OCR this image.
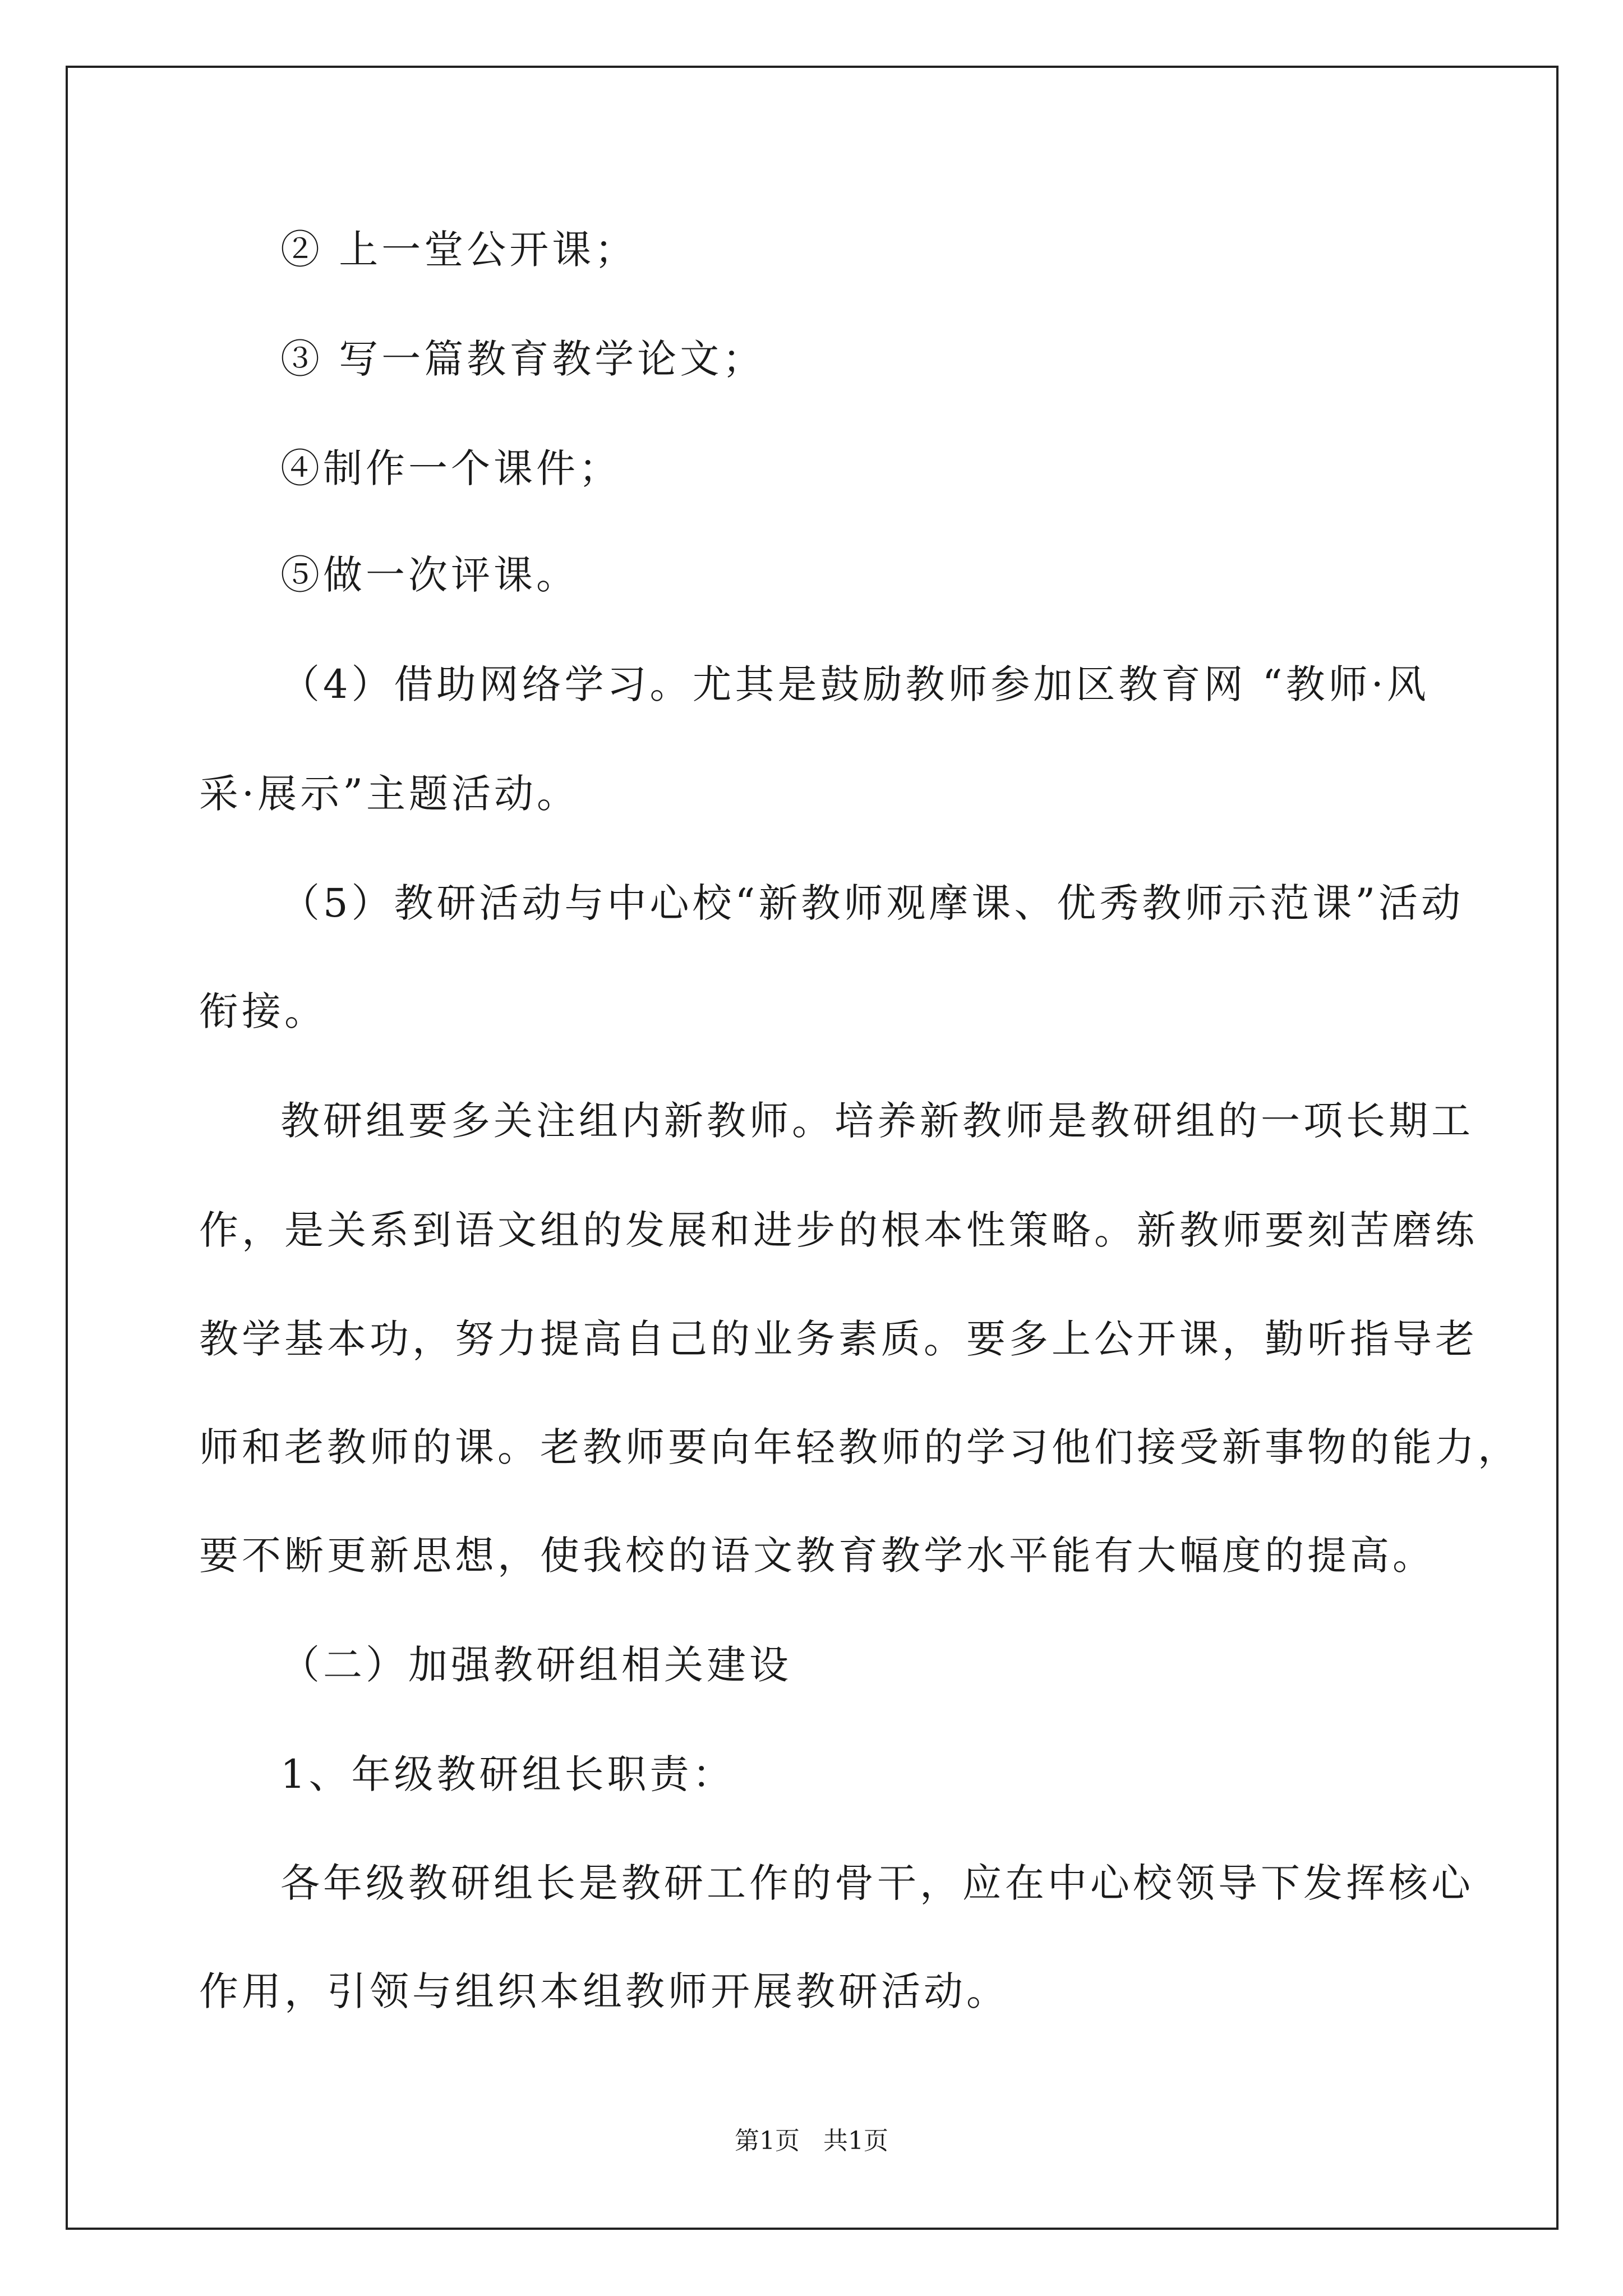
② 上一堂公开课；
③ 写一篇教育教学论文；
④制作一个课件；
⑤做一次评课。
（4）借助网络学习。尤其是鼓励教师参加区教育网 “教师·风
采·展示”主题活动。
（5）教研活动与中心校“新教师观摩课、优秀教师示范课”活动
衔接。
教研组要多关注组内新教师。培养新教师是教研组的一项长期工
作，是关系到语文组的发展和进步的根本性策略。新教师要刻苦磨练
教学基本功，努力提高自己的业务素质。要多上公开课，勤听指导老
师和老教师的课。老教师要向年轻教师的学习他们接受新事物的能力，
要不断更新思想，使我校的语文教育教学水平能有大幅度的提高。
（二）加强教研组相关建设
1、年级教研组长职责：
各年级教研组长是教研工作的骨干，应在中心校领导下发挥核心
作用，引领与组织本组教师开展教研活动。
第1页   共1页
